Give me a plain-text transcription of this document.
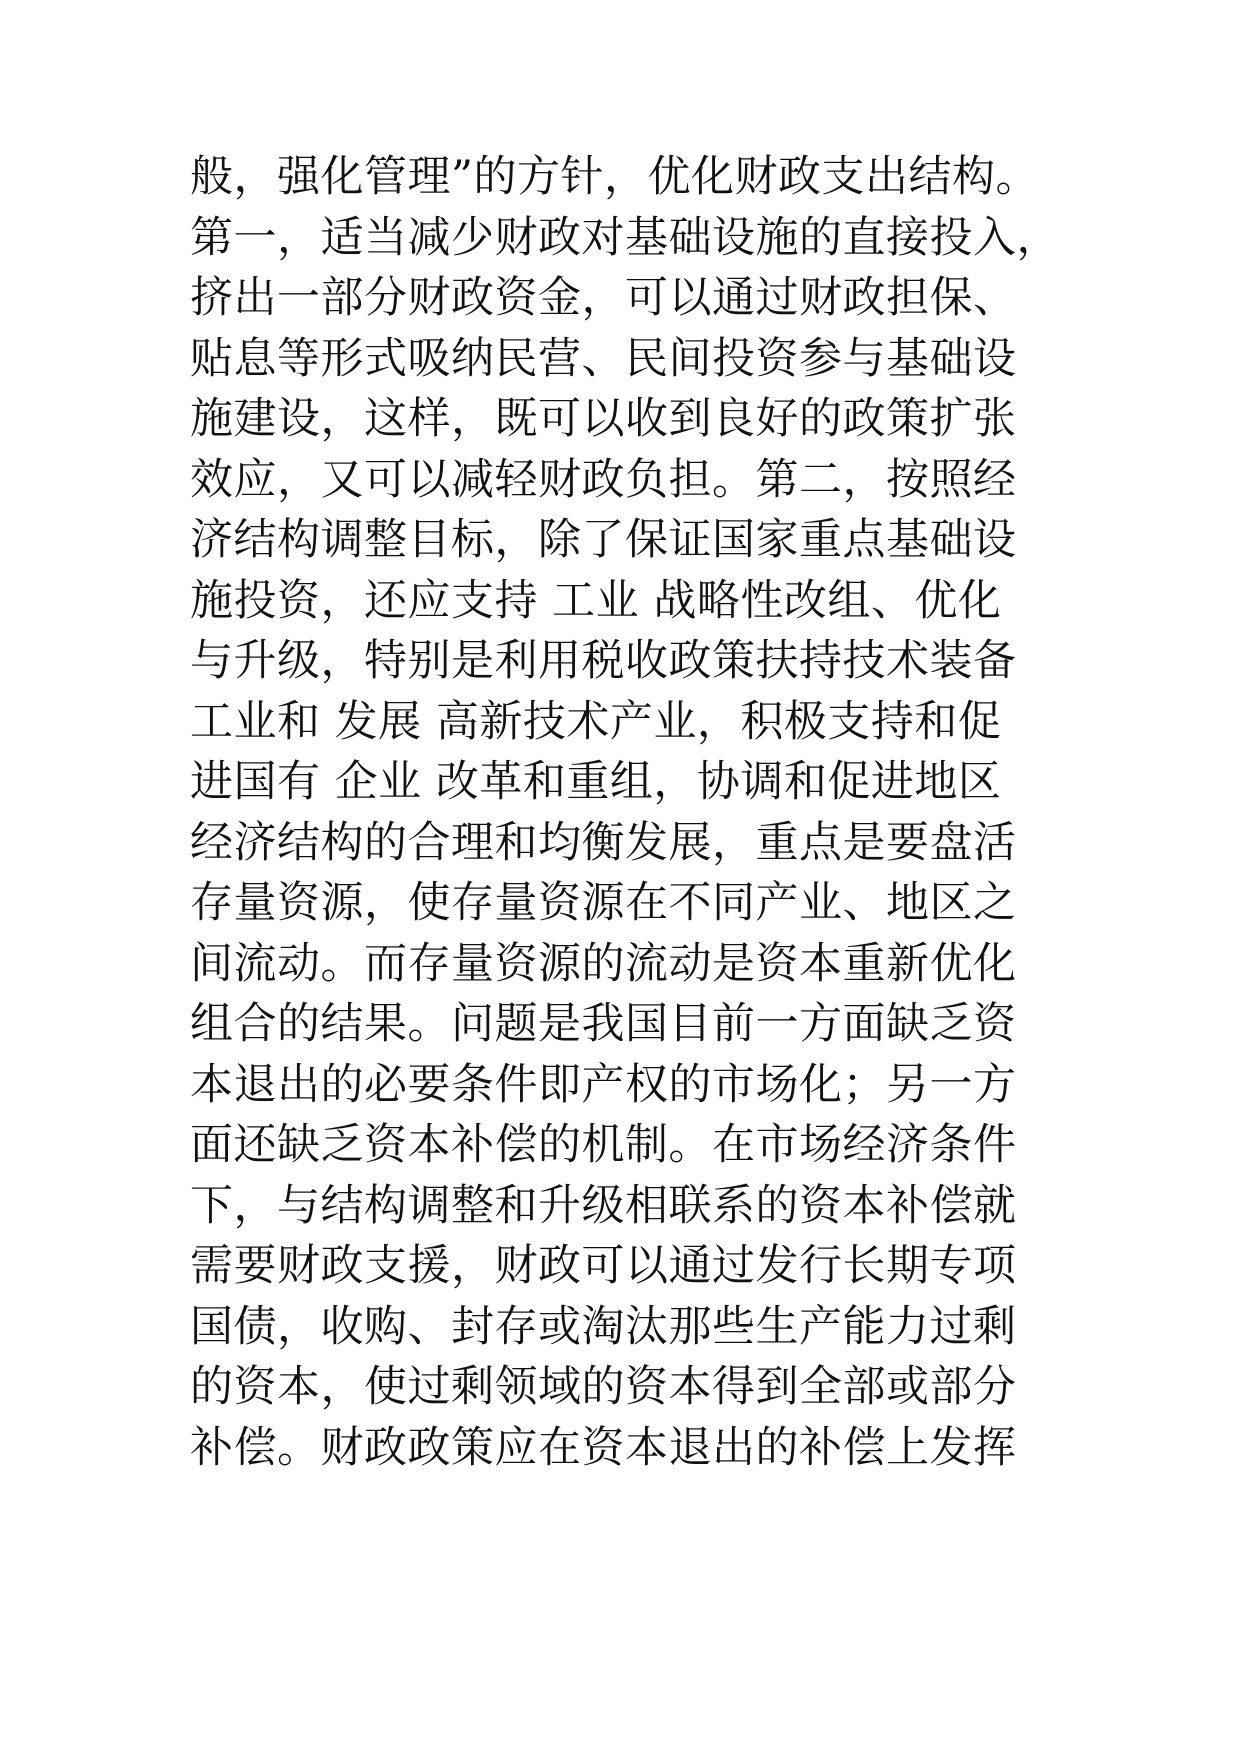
般，强化管理”的方针，优化财政支出结构。
第一，适当减少财政对基础设施的直接投入，
挤出一部分财政资金，可以通过财政担保、
贴息等形式吸纳民营、民间投资参与基础设
施建设，这样，既可以收到良好的政策扩张
效应，又可以减轻财政负担。第二，按照经
济结构调整目标，除了保证国家重点基础设
施投资，还应支持 工业 战略性改组、优化
与升级，特别是利用税收政策扶持技术装备
工业和 发展 高新技术产业，积极支持和促
进国有 企业 改革和重组，协调和促进地区
经济结构的合理和均衡发展，重点是要盘活
存量资源，使存量资源在不同产业、地区之
间流动。而存量资源的流动是资本重新优化
组合的结果。问题是我国目前一方面缺乏资
本退出的必要条件即产权的市场化；另一方
面还缺乏资本补偿的机制。在市场经济条件
下，与结构调整和升级相联系的资本补偿就
需要财政支援，财政可以通过发行长期专项
国债，收购、封存或淘汰那些生产能力过剩
的资本，使过剩领域的资本得到全部或部分
补偿。财政政策应在资本退出的补偿上发挥
